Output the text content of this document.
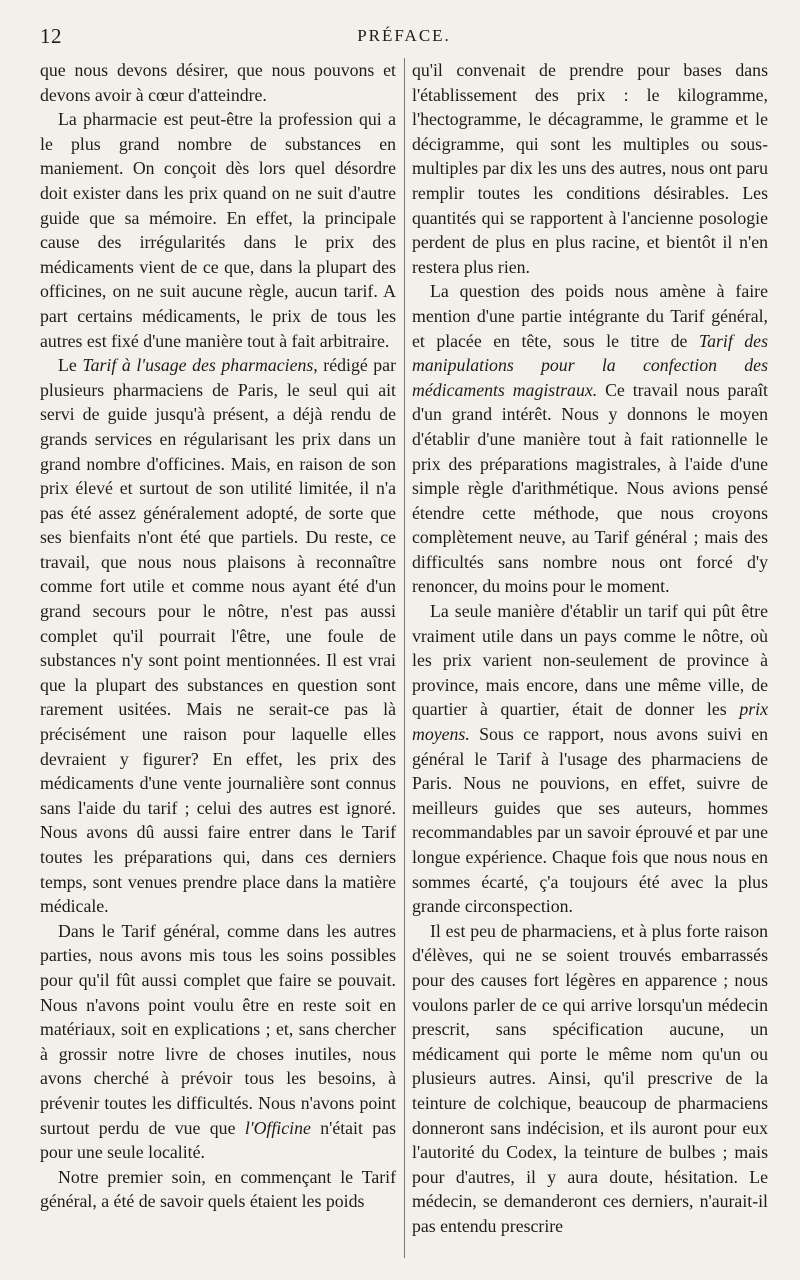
12	PRÉFACE.

que nous devons désirer, que nous pouvons et devons avoir à cœur d'atteindre.

La pharmacie est peut-être la profession qui a le plus grand nombre de substances en maniement. On conçoit dès lors quel désordre doit exister dans les prix quand on ne suit d'autre guide que sa mémoire. En effet, la principale cause des irrégularités dans le prix des médicaments vient de ce que, dans la plupart des officines, on ne suit aucune règle, aucun tarif. A part certains médicaments, le prix de tous les autres est fixé d'une manière tout à fait arbitraire.

Le Tarif à l'usage des pharmaciens, rédigé par plusieurs pharmaciens de Paris, le seul qui ait servi de guide jusqu'à présent, a déjà rendu de grands services en régularisant les prix dans un grand nombre d'officines. Mais, en raison de son prix élevé et surtout de son utilité limitée, il n'a pas été assez généralement adopté, de sorte que ses bienfaits n'ont été que partiels. Du reste, ce travail, que nous nous plaisons à reconnaître comme fort utile et comme nous ayant été d'un grand secours pour le nôtre, n'est pas aussi complet qu'il pourrait l'être, une foule de substances n'y sont point mentionnées. Il est vrai que la plupart des substances en question sont rarement usitées. Mais ne serait-ce pas là précisément une raison pour laquelle elles devraient y figurer? En effet, les prix des médicaments d'une vente journalière sont connus sans l'aide du tarif ; celui des autres est ignoré. Nous avons dû aussi faire entrer dans le Tarif toutes les préparations qui, dans ces derniers temps, sont venues prendre place dans la matière médicale.

Dans le Tarif général, comme dans les autres parties, nous avons mis tous les soins possibles pour qu'il fût aussi complet que faire se pouvait. Nous n'avons point voulu être en reste soit en matériaux, soit en explications ; et, sans chercher à grossir notre livre de choses inutiles, nous avons cherché à prévoir tous les besoins, à prévenir toutes les difficultés. Nous n'avons point surtout perdu de vue que l'Officine n'était pas pour une seule localité.

Notre premier soin, en commençant le Tarif général, a été de savoir quels étaient les poids

qu'il convenait de prendre pour bases dans l'établissement des prix : le kilogramme, l'hectogramme, le décagramme, le gramme et le décigramme, qui sont les multiples ou sous-multiples par dix les uns des autres, nous ont paru remplir toutes les conditions désirables. Les quantités qui se rapportent à l'ancienne posologie perdent de plus en plus racine, et bientôt il n'en restera plus rien.

La question des poids nous amène à faire mention d'une partie intégrante du Tarif général, et placée en tête, sous le titre de Tarif des manipulations pour la confection des médicaments magistraux. Ce travail nous paraît d'un grand intérêt. Nous y donnons le moyen d'établir d'une manière tout à fait rationnelle le prix des préparations magistrales, à l'aide d'une simple règle d'arithmétique. Nous avions pensé étendre cette méthode, que nous croyons complètement neuve, au Tarif général ; mais des difficultés sans nombre nous ont forcé d'y renoncer, du moins pour le moment.

La seule manière d'établir un tarif qui pût être vraiment utile dans un pays comme le nôtre, où les prix varient non-seulement de province à province, mais encore, dans une même ville, de quartier à quartier, était de donner les prix moyens. Sous ce rapport, nous avons suivi en général le Tarif à l'usage des pharmaciens de Paris. Nous ne pouvions, en effet, suivre de meilleurs guides que ses auteurs, hommes recommandables par un savoir éprouvé et par une longue expérience. Chaque fois que nous nous en sommes écarté, ç'a toujours été avec la plus grande circonspection.

Il est peu de pharmaciens, et à plus forte raison d'élèves, qui ne se soient trouvés embarrassés pour des causes fort légères en apparence ; nous voulons parler de ce qui arrive lorsqu'un médecin prescrit, sans spécification aucune, un médicament qui porte le même nom qu'un ou plusieurs autres. Ainsi, qu'il prescrive de la teinture de colchique, beaucoup de pharmaciens donneront sans indécision, et ils auront pour eux l'autorité du Codex, la teinture de bulbes ; mais pour d'autres, il y aura doute, hésitation. Le médecin, se demanderont ces derniers, n'aurait-il pas entendu prescrire
